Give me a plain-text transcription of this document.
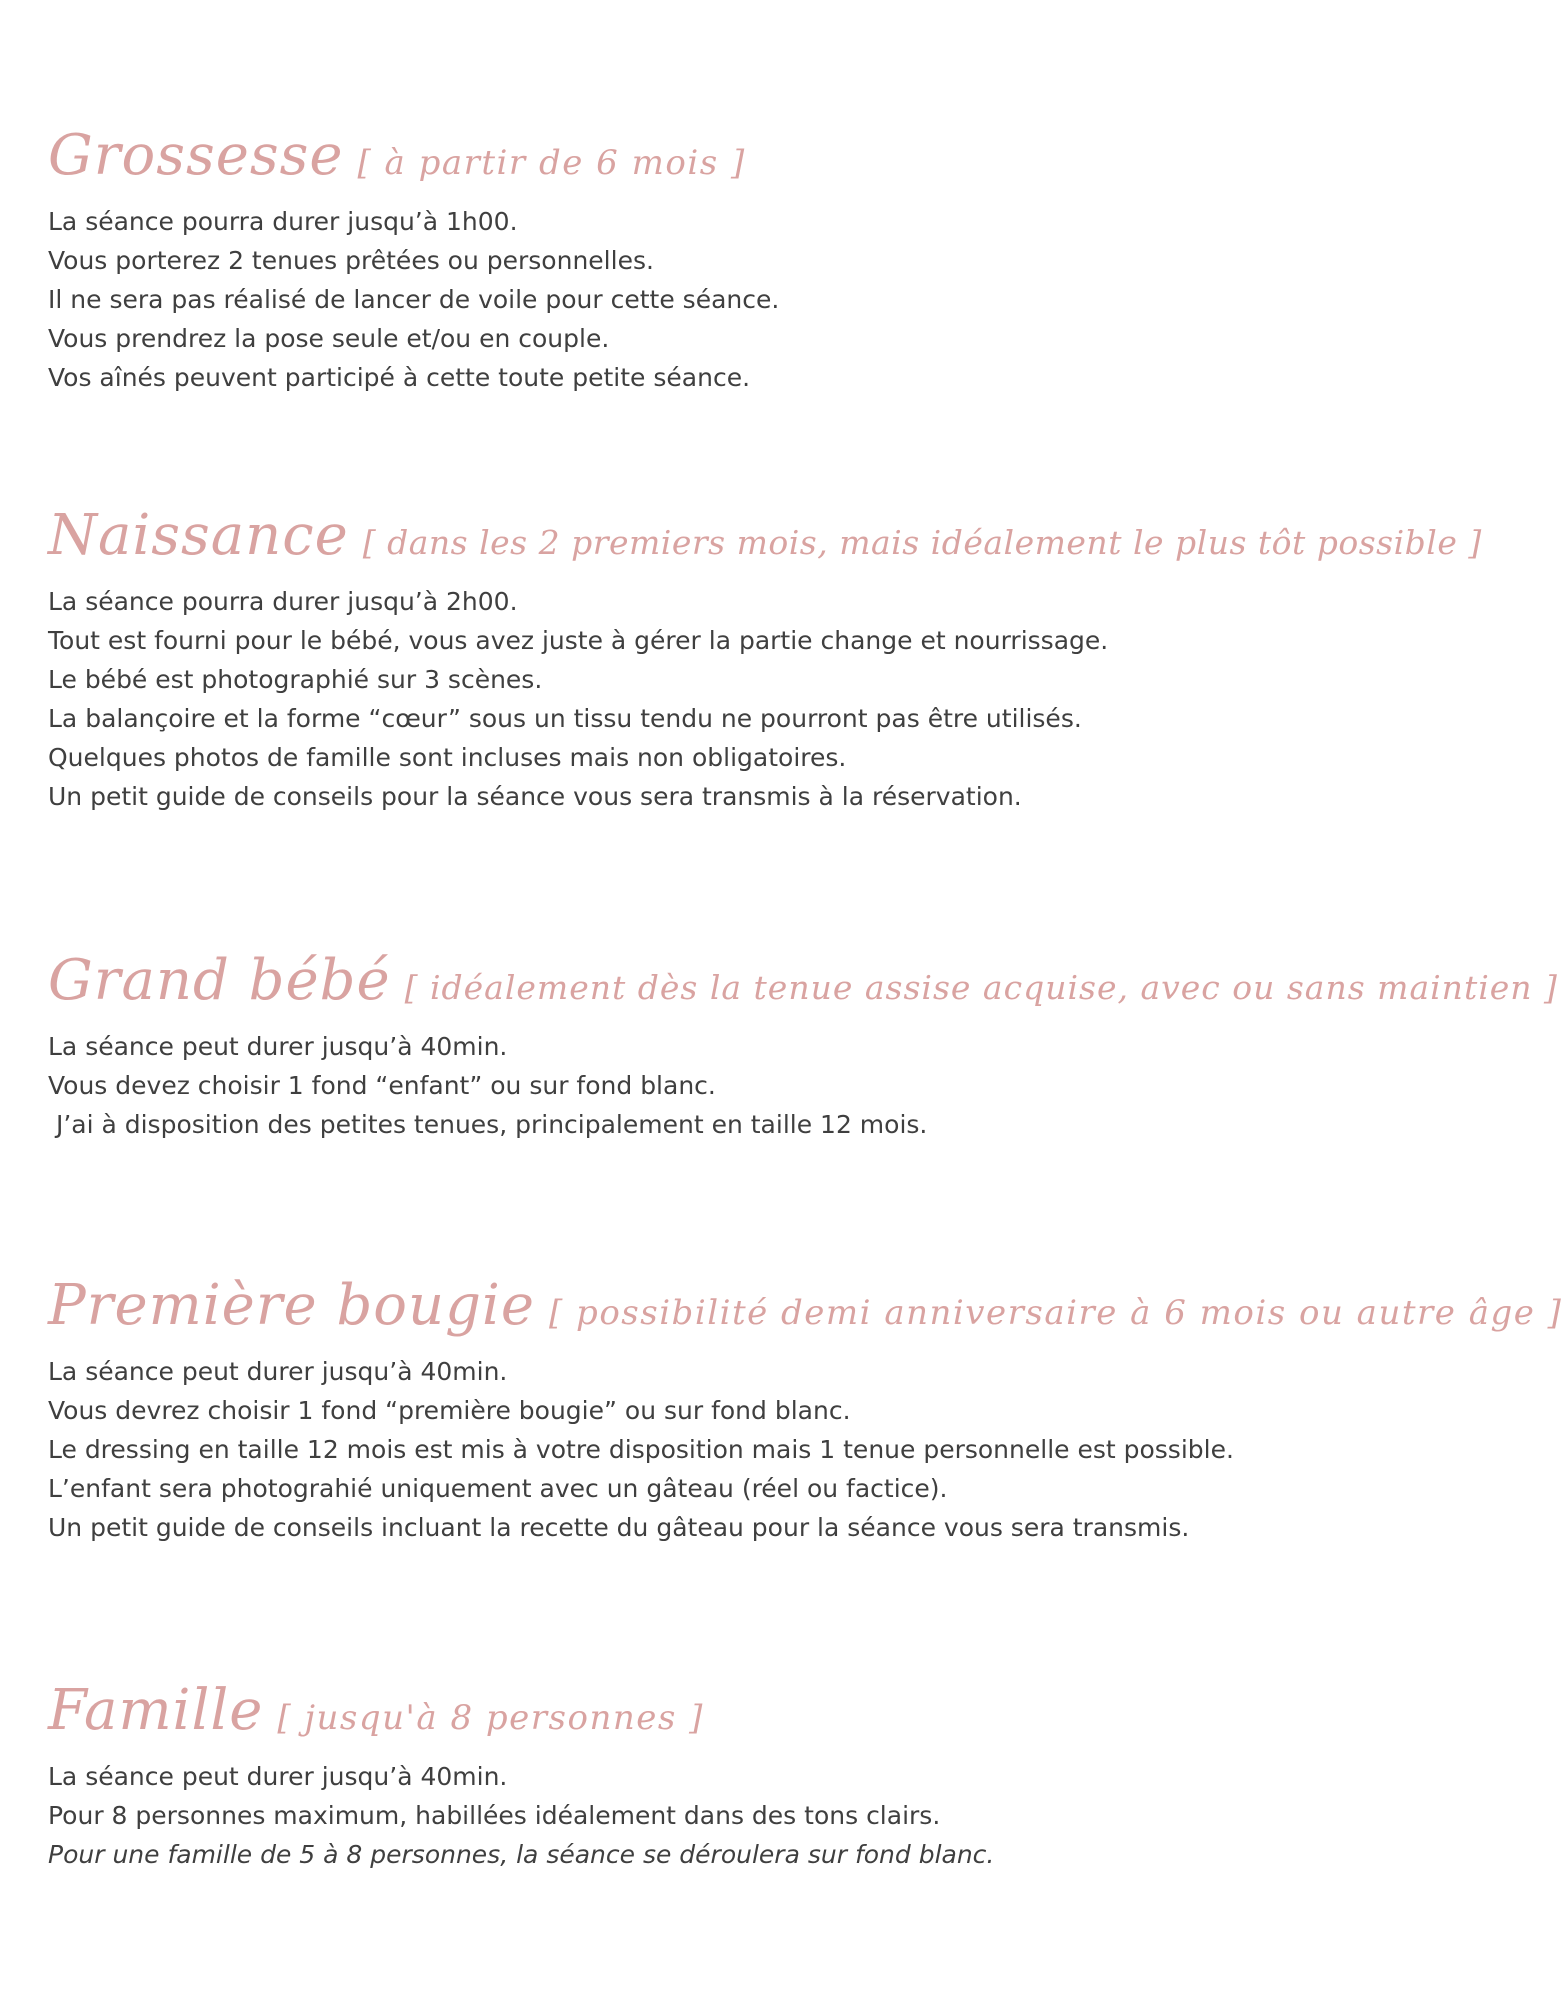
Grossesse [ à partir de 6 mois ]
La séance pourra durer jusqu’à 1h00.
Vous porterez 2 tenues prêtées ou personnelles.
Il ne sera pas réalisé de lancer de voile pour cette séance.
Vous prendrez la pose seule et/ou en couple.
Vos aînés peuvent participé à cette toute petite séance.
Naissance [ dans les 2 premiers mois, mais idéalement le plus tôt possible ]
La séance pourra durer jusqu’à 2h00.
Tout est fourni pour le bébé, vous avez juste à gérer la partie change et nourrissage.
Le bébé est photographié sur 3 scènes.
La balançoire et la forme “cœur” sous un tissu tendu ne pourront pas être utilisés.
Quelques photos de famille sont incluses mais non obligatoires.
Un petit guide de conseils pour la séance vous sera transmis à la réservation.
Grand bébé [ idéalement dès la tenue assise acquise, avec ou sans maintien ]
La séance peut durer jusqu’à 40min.
Vous devez choisir 1 fond “enfant” ou sur fond blanc.
J’ai à disposition des petites tenues, principalement en taille 12 mois.
Première bougie [ possibilité demi anniversaire à 6 mois ou autre âge ]
La séance peut durer jusqu’à 40min.
Vous devrez choisir 1 fond “première bougie” ou sur fond blanc.
Le dressing en taille 12 mois est mis à votre disposition mais 1 tenue personnelle est possible.
L’enfant sera photograhié uniquement avec un gâteau (réel ou factice).
Un petit guide de conseils incluant la recette du gâteau pour la séance vous sera transmis.
Famille [ jusqu'à 8 personnes ]
La séance peut durer jusqu’à 40min.
Pour 8 personnes maximum, habillées idéalement dans des tons clairs.
Pour une famille de 5 à 8 personnes, la séance se déroulera sur fond blanc.
